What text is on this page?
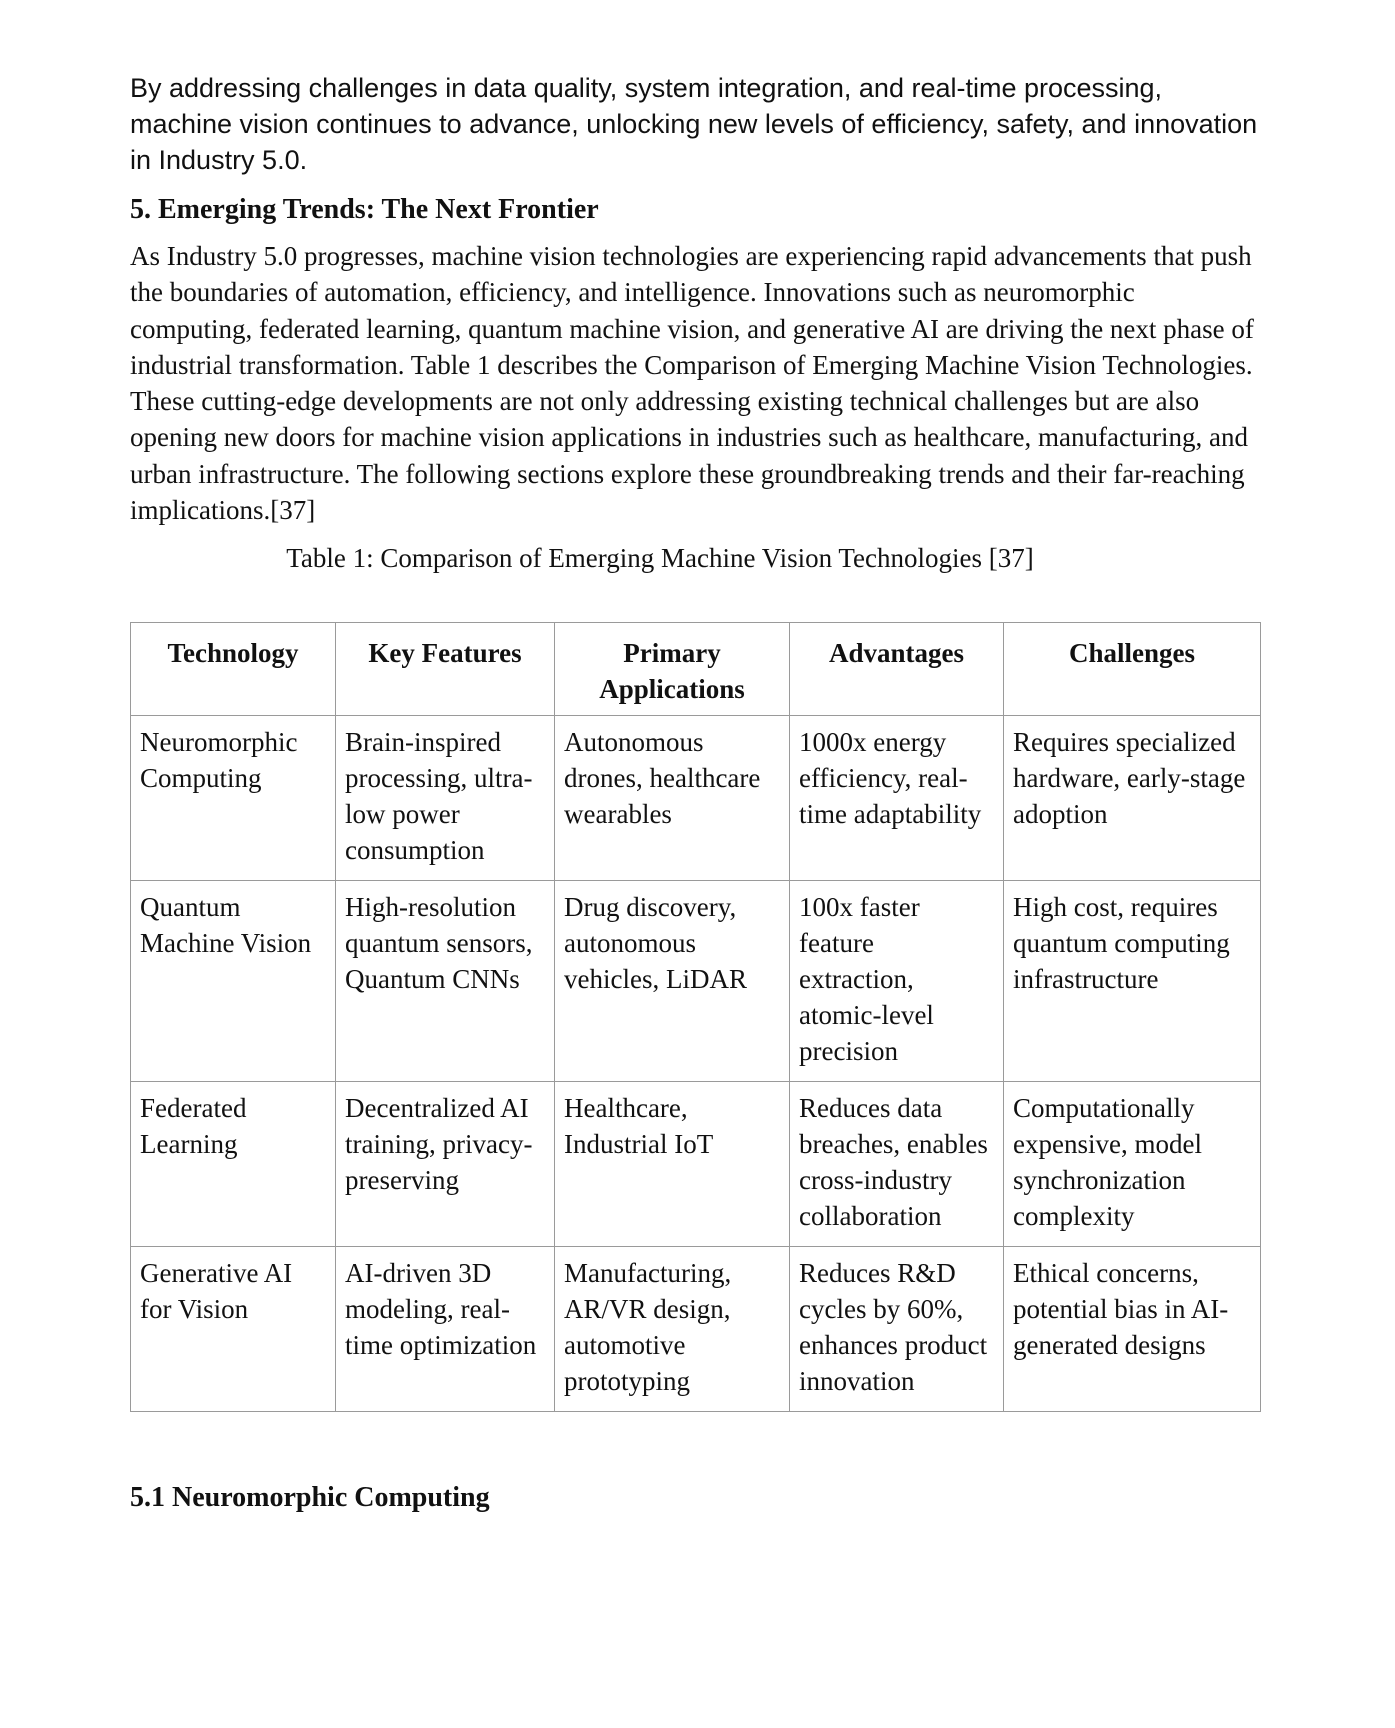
By addressing challenges in data quality, system integration, and real-time processing, machine vision continues to advance, unlocking new levels of efficiency, safety, and innovation in Industry 5.0.

5. Emerging Trends: The Next Frontier

As Industry 5.0 progresses, machine vision technologies are experiencing rapid advancements that push the boundaries of automation, efficiency, and intelligence. Innovations such as neuromorphic computing, federated learning, quantum machine vision, and generative AI are driving the next phase of industrial transformation. Table 1 describes the Comparison of Emerging Machine Vision Technologies. These cutting-edge developments are not only addressing existing technical challenges but are also opening new doors for machine vision applications in industries such as healthcare, manufacturing, and urban infrastructure. The following sections explore these groundbreaking trends and their far-reaching implications.[37]

Table 1: Comparison of Emerging Machine Vision Technologies [37]

Technology	Key Features	Primary Applications	Advantages	Challenges
Neuromorphic Computing	Brain-inspired processing, ultra-low power consumption	Autonomous drones, healthcare wearables	1000x energy efficiency, real-time adaptability	Requires specialized hardware, early-stage adoption
Quantum Machine Vision	High-resolution quantum sensors, Quantum CNNs	Drug discovery, autonomous vehicles, LiDAR	100x faster feature extraction, atomic-level precision	High cost, requires quantum computing infrastructure
Federated Learning	Decentralized AI training, privacy-preserving	Healthcare, Industrial IoT	Reduces data breaches, enables cross-industry collaboration	Computationally expensive, model synchronization complexity
Generative AI for Vision	AI-driven 3D modeling, real-time optimization	Manufacturing, AR/VR design, automotive prototyping	Reduces R&D cycles by 60%, enhances product innovation	Ethical concerns, potential bias in AI-generated designs
5.1 Neuromorphic Computing
